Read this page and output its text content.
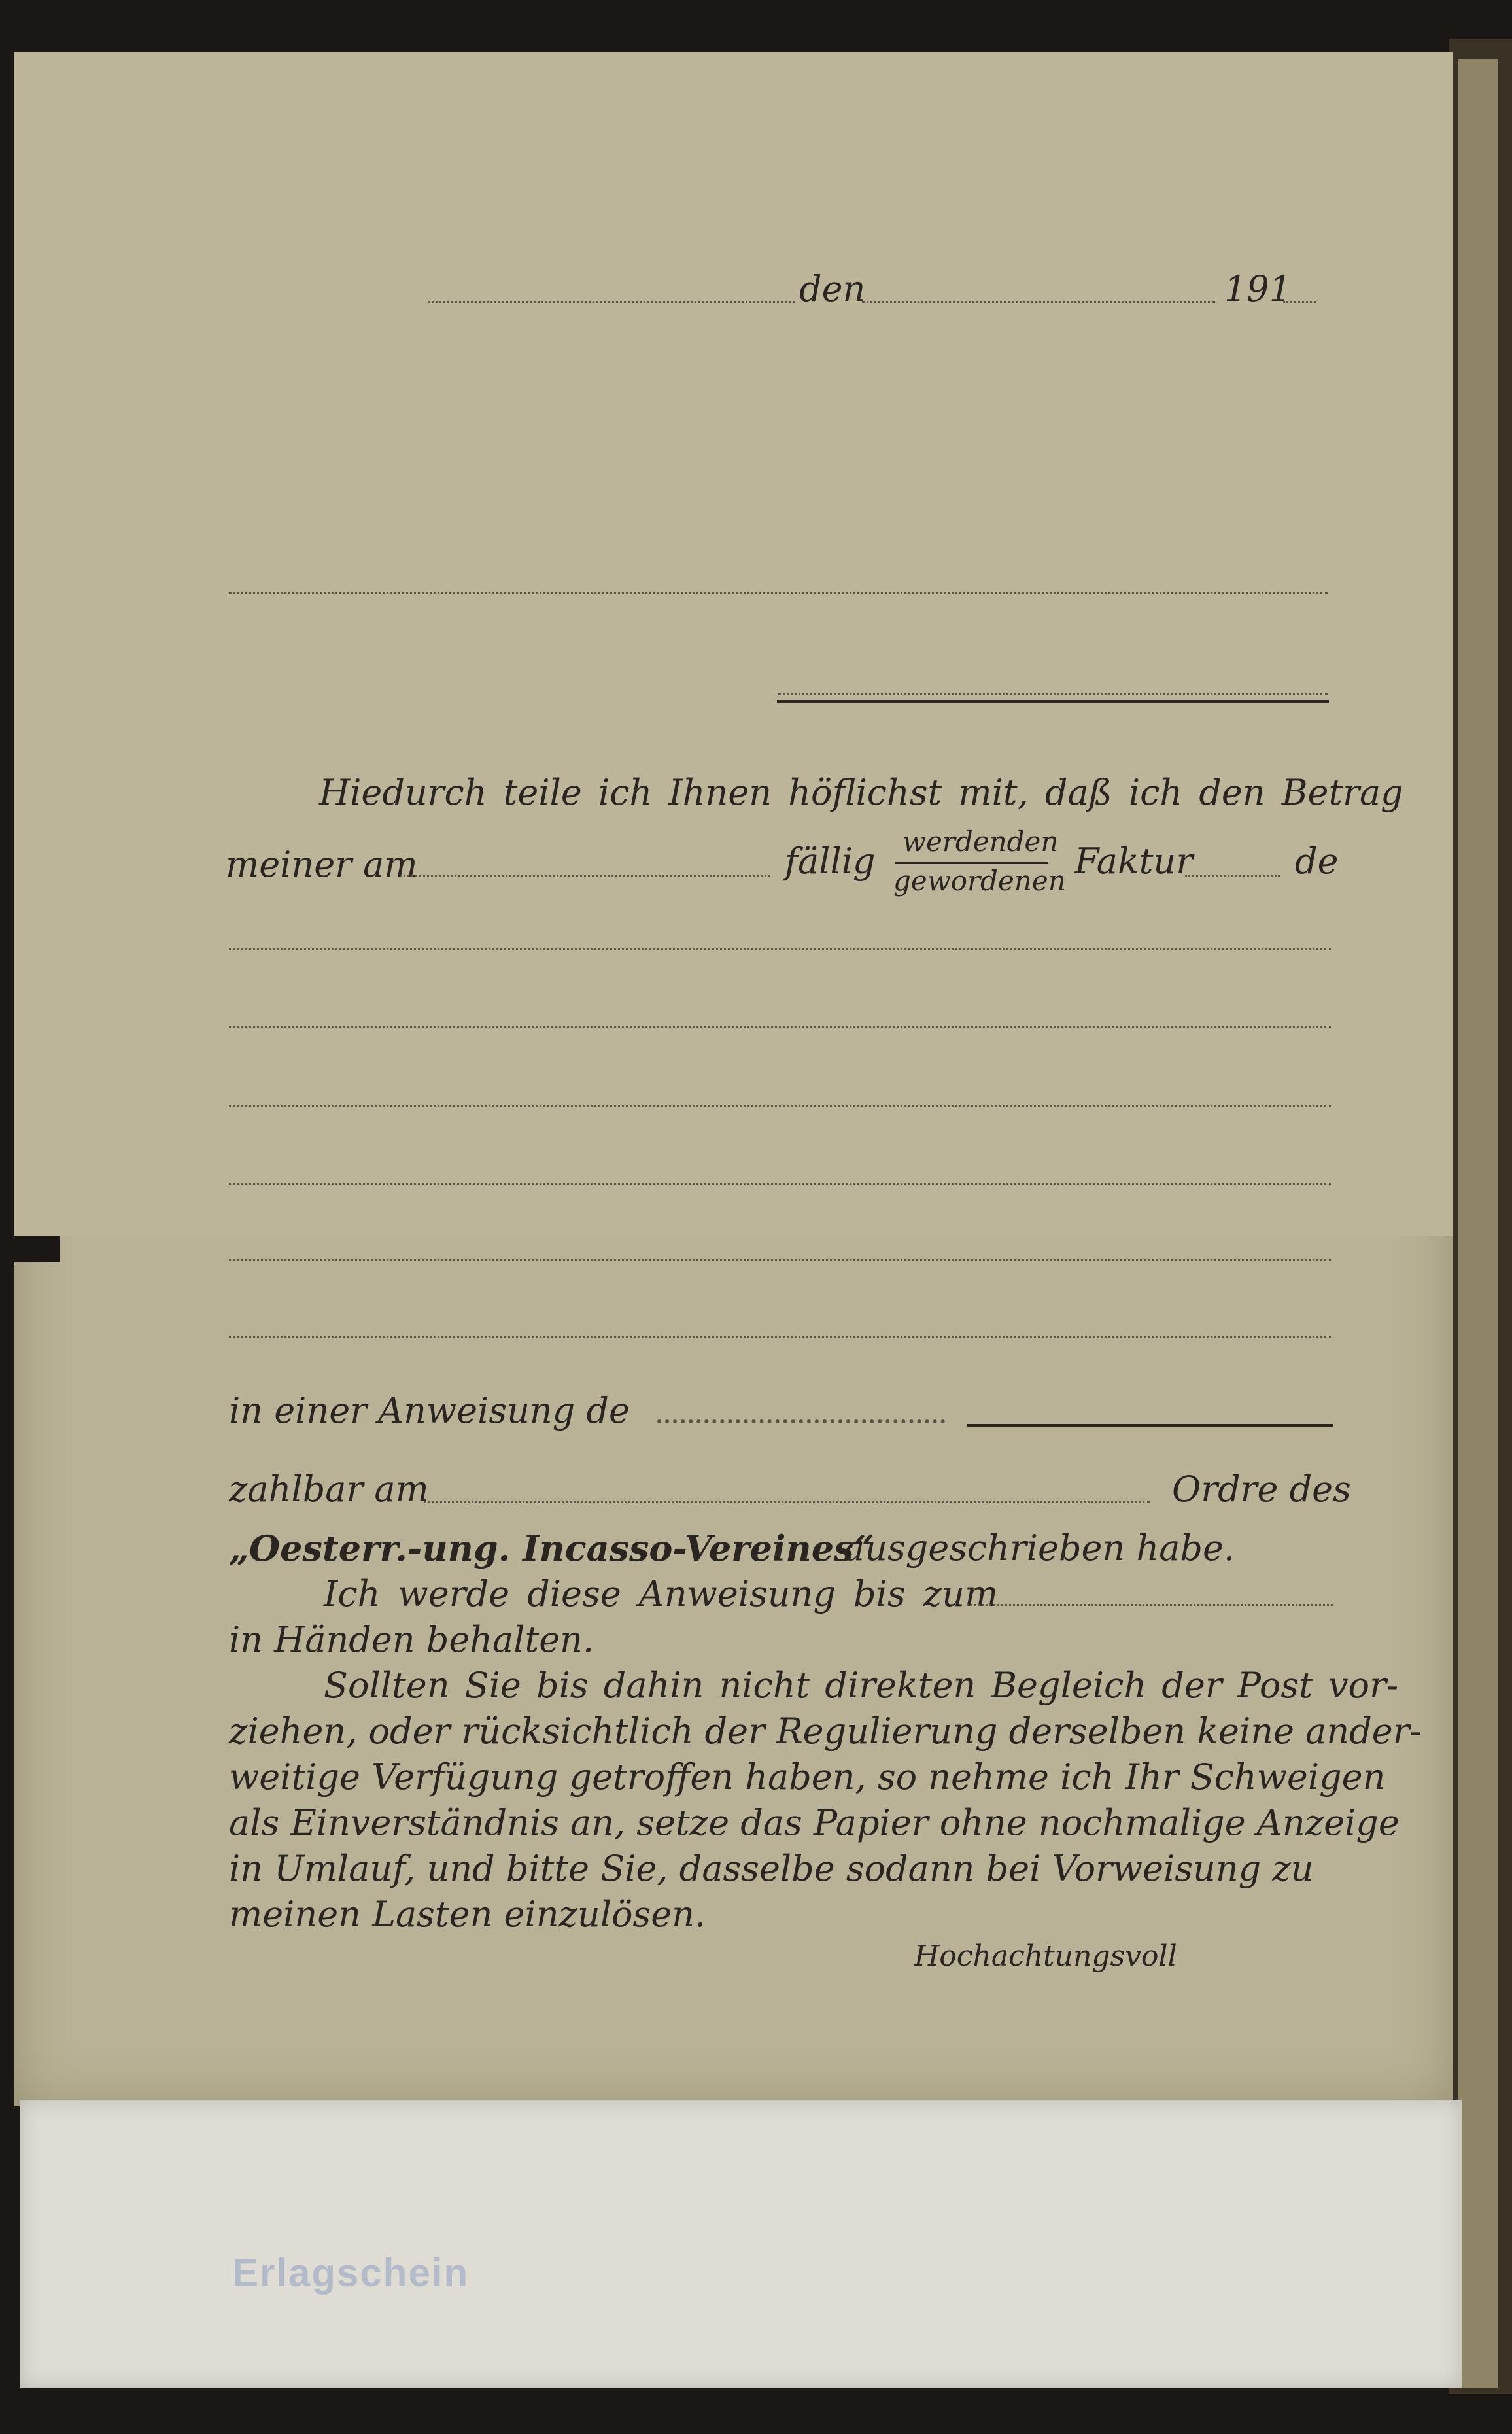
den	191
Hiedurch teile ich Ihnen höflichst mit, daß ich den Betrag
meiner am	fällig werdenden
gewordenen Faktur	de
in einer Anweisung de
zahlbar am	Ordre des
„Oesterr.-ung. Incasso-Vereines“
ausgeschrieben habe.
Ich werde diese Anweisung bis zum
in Händen behalten.
Sollten Sie bis dahin nicht direkten Begleich der Post vor-
ziehen, oder rücksichtlich der Regulierung derselben keine ander-
weitige Verfügung getroffen haben, so nehme ich Ihr Schweigen
als Einverständnis an, setze das Papier ohne nochmalige Anzeige
in Umlauf, und bitte Sie, dasselbe sodann bei Vorweisung zu
meinen Lasten einzulösen.
Hochachtungsvoll
Erlagschein
